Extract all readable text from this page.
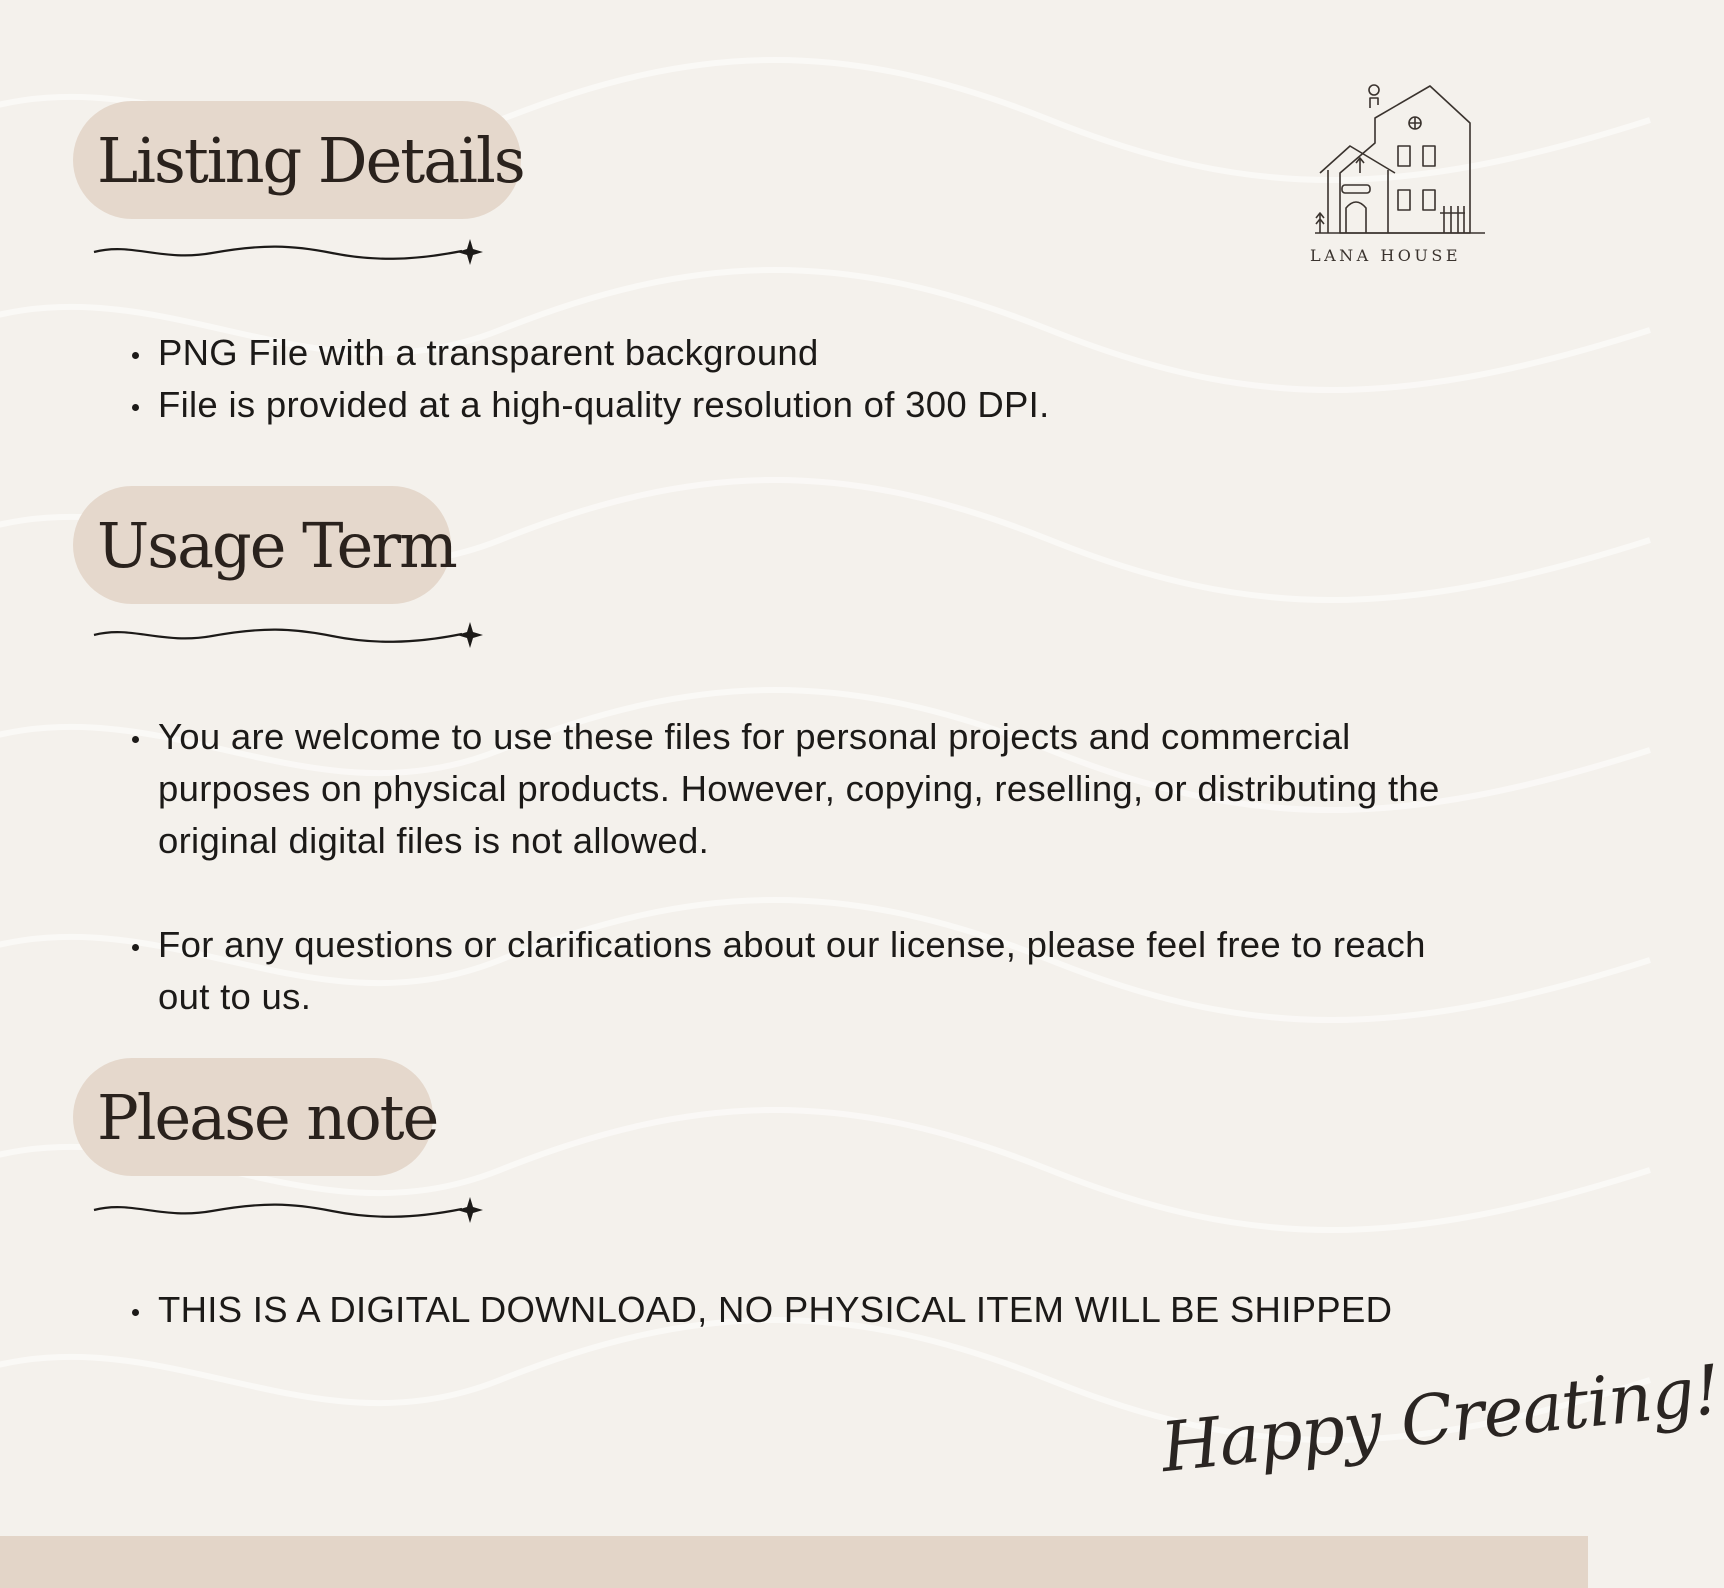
LANA HOUSE
Listing Details
PNG File with a transparent background
File is provided at a high-quality resolution of 300 DPI.
Usage Term
You are welcome to use these files for personal projects and commercial purposes on physical products. However, copying, reselling, or distributing the original digital files is not allowed.
For any questions or clarifications about our license, please feel free to reach out to us.
Please note
THIS IS A DIGITAL DOWNLOAD, NO PHYSICAL ITEM WILL BE SHIPPED
Happy Creating!
